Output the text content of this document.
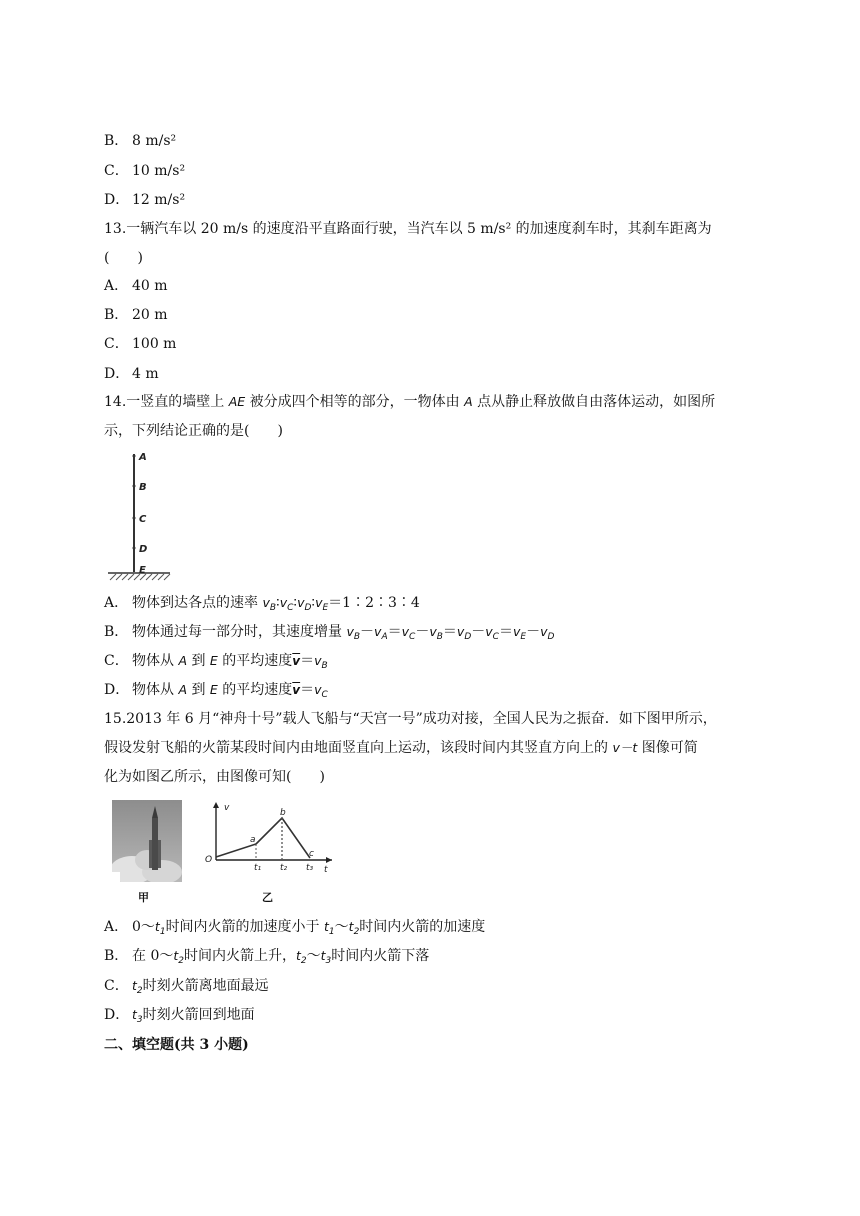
B． 8 m/s²
C． 10 m/s²
D． 12 m/s²
13.一辆汽车以 20 m/s 的速度沿平直路面行驶，当汽车以 5 m/s² 的加速度刹车时，其刹车距离为
(　　)
A． 40 m
B． 20 m
C． 100 m
D． 4 m
14.一竖直的墙壁上 AE 被分成四个相等的部分，一物体由 A 点从静止释放做自由落体运动，如图所
示，下列结论正确的是(　　)
A
B
C
D
E
A． 物体到达各点的速率 $v_B∶v_C∶v_D∶v_E=1∶2∶3∶4$
B． 物体通过每一部分时，其速度增量 $v_B-v_A=v_C-v_B=v_D-v_C=v_E-v_D$
C． 物体从 A 到 E 的平均速度$\overline{v}=v_B$
D． 物体从 A 到 E 的平均速度$\overline{v}=v_C$
15.2013 年 6 月“神舟十号”载人飞船与“天宫一号”成功对接，全国人民为之振奋．如下图甲所示，
假设发射飞船的火箭某段时间内由地面竖直向上运动，该段时间内其竖直方向上的 v－t 图像可简
化为如图乙所示，由图像可知(　　)
甲
v
t
O
a
b
c
t₁ t₂ t₃
乙
A． $0\sim t_1$时间内火箭的加速度小于 $t_1\sim t_2$时间内火箭的加速度
B． 在 $0\sim t_2$时间内火箭上升，$t_2\sim t_3$时间内火箭下落
C． $t_2$时刻火箭离地面最远
D． $t_3$时刻火箭回到地面
二、填空题(共 3 小题)
